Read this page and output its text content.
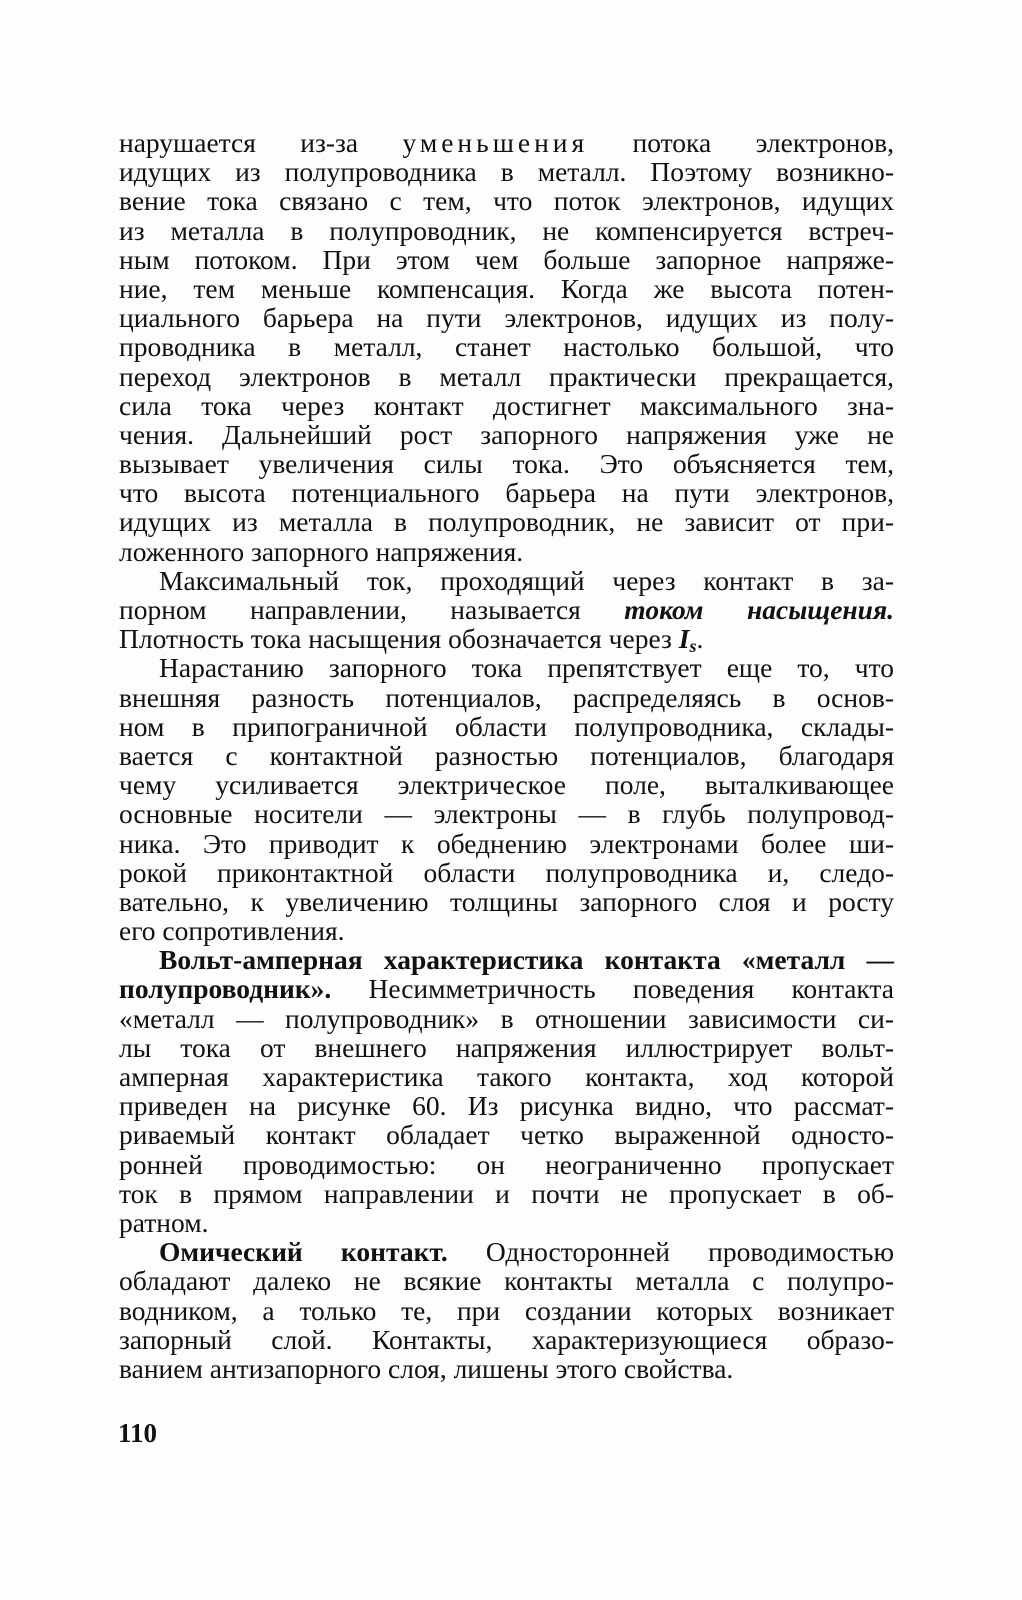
нарушается из-за уменьшения потока электронов,
идущих из полупроводника в металл. Поэтому возникно-
вение тока связано с тем, что поток электронов, идущих
из металла в полупроводник, не компенсируется встреч-
ным потоком. При этом чем больше запорное напряже-
ние, тем меньше компенсация. Когда же высота потен-
циального барьера на пути электронов, идущих из полу-
проводника в металл, станет настолько большой, что
переход электронов в металл практически прекращается,
сила тока через контакт достигнет максимального зна-
чения. Дальнейший рост запорного напряжения уже не
вызывает увеличения силы тока. Это объясняется тем,
что высота потенциального барьера на пути электронов,
идущих из металла в полупроводник, не зависит от при-
ложенного запорного напряжения.
Максимальный ток, проходящий через контакт в за-
порном направлении, называется током насыщения.
Плотность тока насыщения обозначается через $I_s$.
Нарастанию запорного тока препятствует еще то, что
внешняя разность потенциалов, распределяясь в основ-
ном в припограничной области полупроводника, склады-
вается с контактной разностью потенциалов, благодаря
чему усиливается электрическое поле, выталкивающее
основные носители — электроны — в глубь полупровод-
ника. Это приводит к обеднению электронами более ши-
рокой приконтактной области полупроводника и, следо-
вательно, к увеличению толщины запорного слоя и росту
его сопротивления.
Вольт-амперная характеристика контакта «металл —
полупроводник». Несимметричность поведения контакта
«металл — полупроводник» в отношении зависимости си-
лы тока от внешнего напряжения иллюстрирует вольт-
амперная характеристика такого контакта, ход которой
приведен на рисунке 60. Из рисунка видно, что рассмат-
риваемый контакт обладает четко выраженной односто-
ронней проводимостью: он неограниченно пропускает
ток в прямом направлении и почти не пропускает в об-
ратном.
Омический контакт. Односторонней проводимостью
обладают далеко не всякие контакты металла с полупро-
водником, а только те, при создании которых возникает
запорный слой. Контакты, характеризующиеся образо-
ванием антизапорного слоя, лишены этого свойства.
110
